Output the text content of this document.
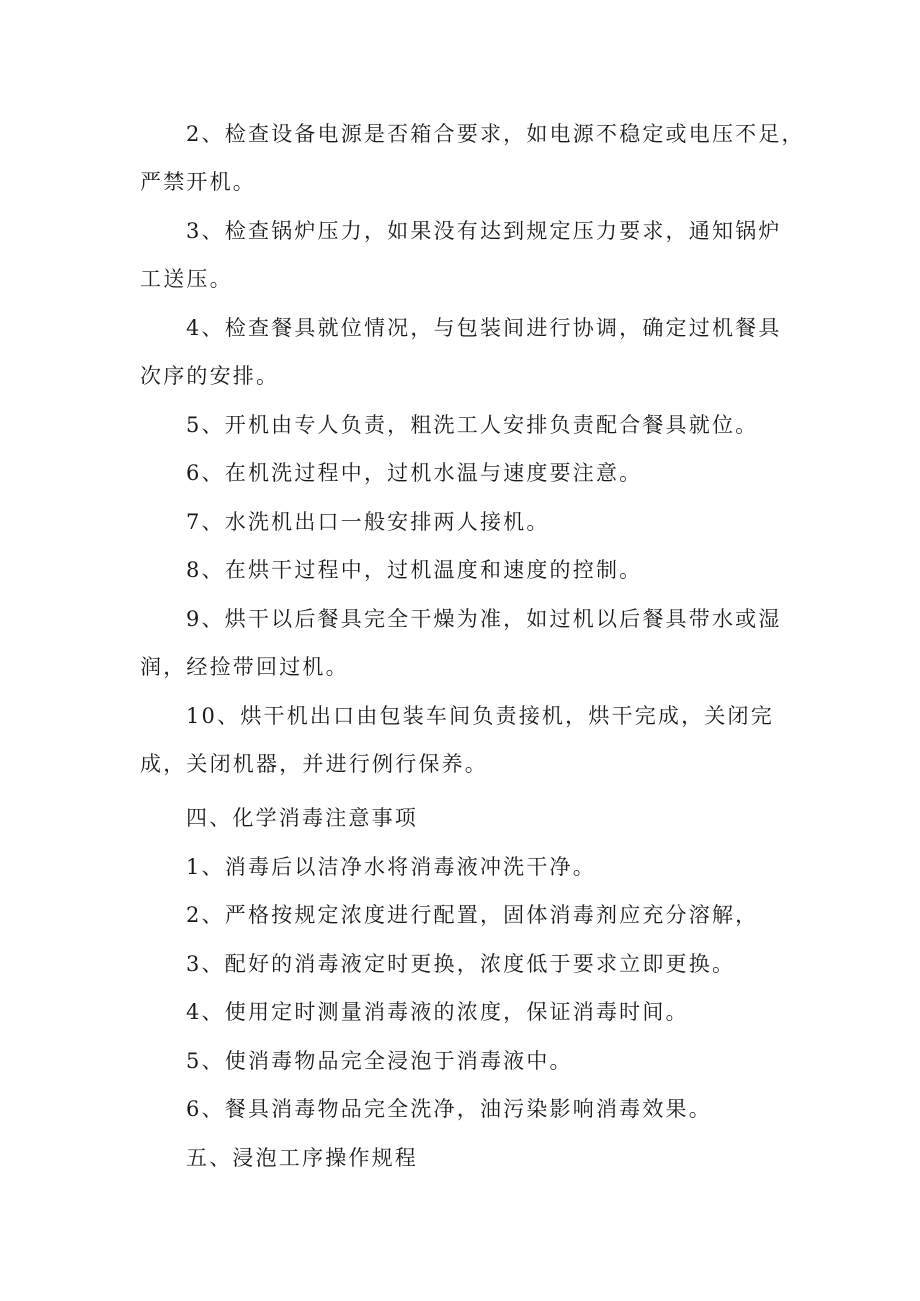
2、检查设备电源是否箱合要求，如电源不稳定或电压不足，

严禁开机。

3、检查锅炉压力，如果没有达到规定压力要求，通知锅炉

工送压。

4、检查餐具就位情况，与包装间进行协调，确定过机餐具

次序的安排。

5、开机由专人负责，粗洗工人安排负责配合餐具就位。

6、在机洗过程中，过机水温与速度要注意。

7、水洗机出口一般安排两人接机。

8、在烘干过程中，过机温度和速度的控制。

9、烘干以后餐具完全干燥为准，如过机以后餐具带水或湿

润，经捡带回过机。

10、烘干机出口由包装车间负责接机，烘干完成，关闭完

成，关闭机器，并进行例行保养。

四、化学消毒注意事项

1、消毒后以洁净水将消毒液冲洗干净。

2、严格按规定浓度进行配置，固体消毒剂应充分溶解，

3、配好的消毒液定时更换，浓度低于要求立即更换。

4、使用定时测量消毒液的浓度，保证消毒时间。

5、使消毒物品完全浸泡于消毒液中。

6、餐具消毒物品完全洗净，油污染影响消毒效果。

五、浸泡工序操作规程
